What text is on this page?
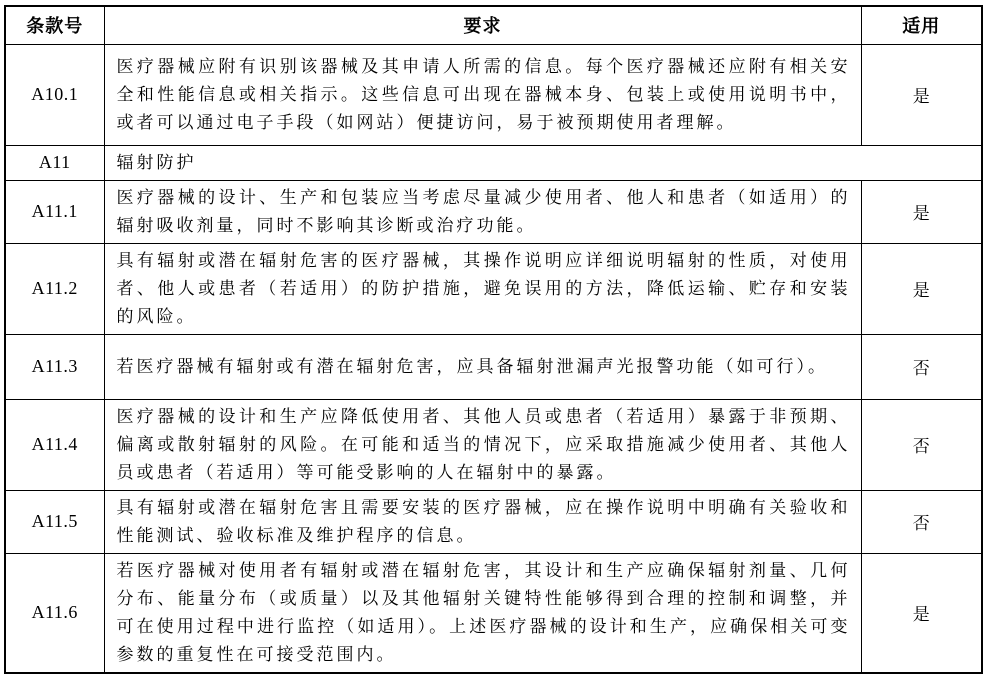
条款号	要求	适用
A10.1	医疗器械应附有识别该器械及其申请人所需的信息。每个医疗器械还应附有相关安全和性能信息或相关指示。这些信息可出现在器械本身、包装上或使用说明书中，或者可以通过电子手段（如网站）便捷访问，易于被预期使用者理解。	是
A11	辐射防护	
A11.1	医疗器械的设计、生产和包装应当考虑尽量减少使用者、他人和患者（如适用）的辐射吸收剂量，同时不影响其诊断或治疗功能。	是
A11.2	具有辐射或潜在辐射危害的医疗器械，其操作说明应详细说明辐射的性质，对使用者、他人或患者（若适用）的防护措施，避免误用的方法，降低运输、贮存和安装的风险。	是
A11.3	若医疗器械有辐射或有潜在辐射危害，应具备辐射泄漏声光报警功能（如可行）。	否
A11.4	医疗器械的设计和生产应降低使用者、其他人员或患者（若适用）暴露于非预期、偏离或散射辐射的风险。在可能和适当的情况下，应采取措施减少使用者、其他人员或患者（若适用）等可能受影响的人在辐射中的暴露。	否
A11.5	具有辐射或潜在辐射危害且需要安装的医疗器械，应在操作说明中明确有关验收和性能测试、验收标准及维护程序的信息。	否
A11.6	若医疗器械对使用者有辐射或潜在辐射危害，其设计和生产应确保辐射剂量、几何分布、能量分布（或质量）以及其他辐射关键特性能够得到合理的控制和调整，并可在使用过程中进行监控（如适用）。上述医疗器械的设计和生产，应确保相关可变参数的重复性在可接受范围内。	是
